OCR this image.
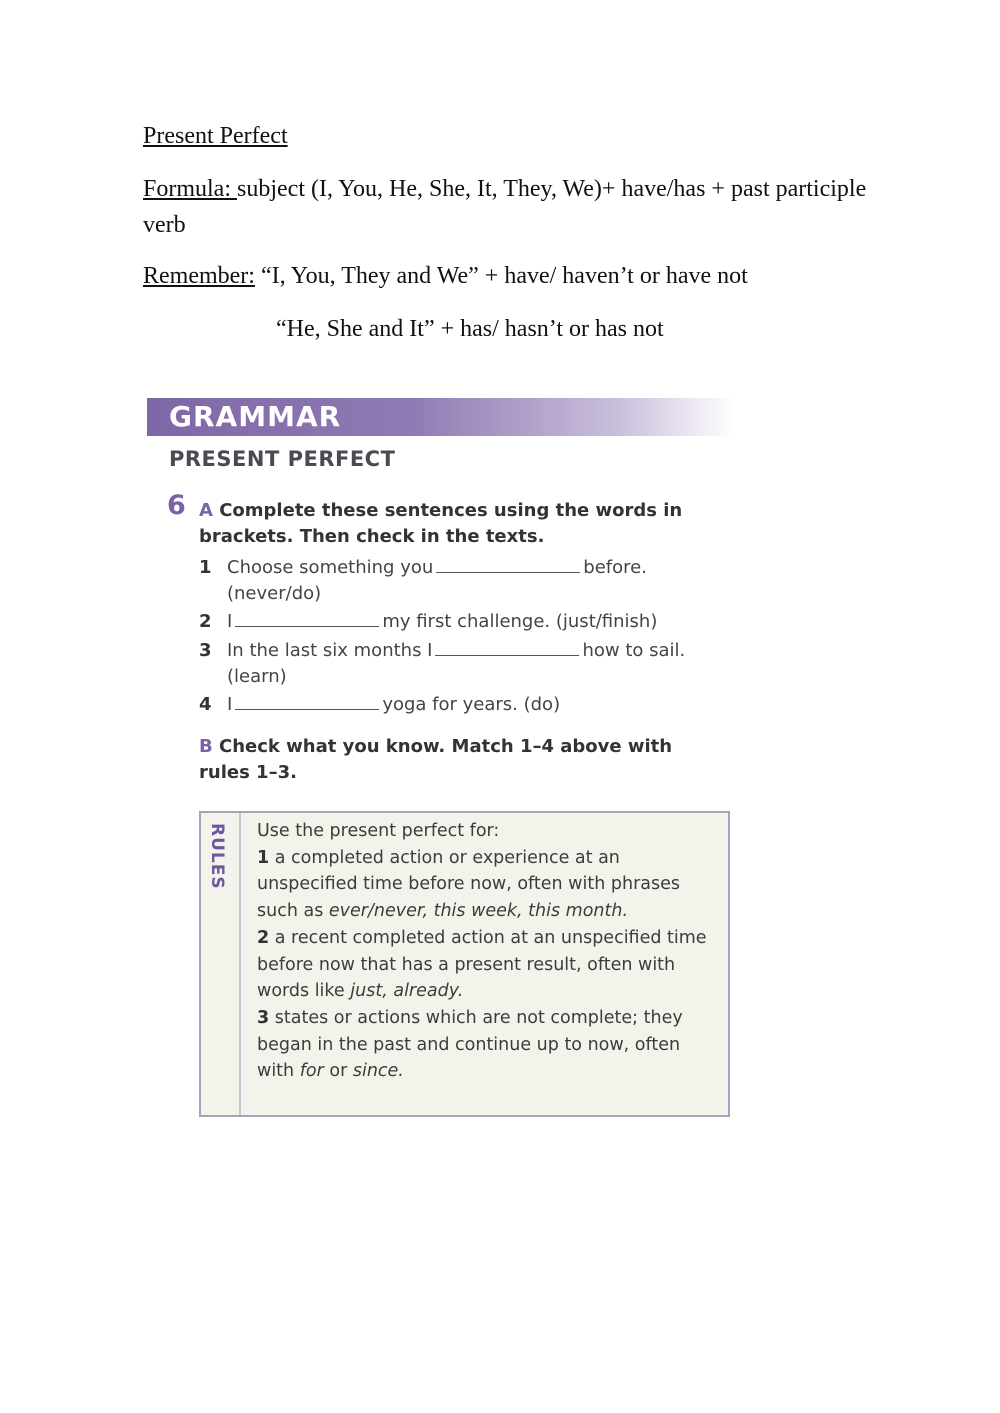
Present Perfect
Formula: subject (I, You, He, She, It, They, We)+ have/has + past participle verb
Remember: “I, You, They and We” + have/ haven’t or have not
“He, She and It” + has/ hasn’t or has not
GRAMMAR
PRESENT PERFECT
6 A Complete these sentences using the words in brackets. Then check in the texts.
1 Choose something you	before.
(never/do)
2 I	my first challenge. (just/finish)
3 In the last six months I	how to sail.
(learn)
4 I	yoga for years. (do)
B Check what you know. Match 1–4 above with rules 1–3.
RULES Use the present perfect for:

1 a completed action or experience at an unspecified time before now, often with phrases such as ever/never, this week, this month.

2 a recent completed action at an unspecified time before now that has a present result, often with words like just, already.

3 states or actions which are not complete; they began in the past and continue up to now, often with for or since.
